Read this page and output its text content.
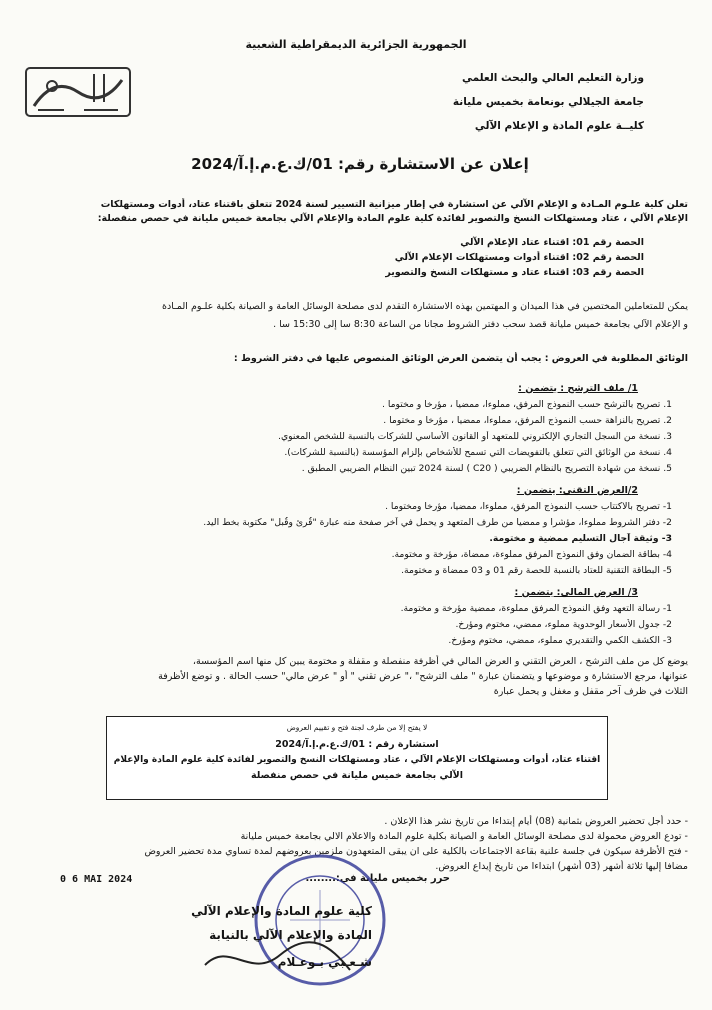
الجمهورية الجزائرية الديمقراطية الشعبية
وزارة التعليم العالي والبحث العلمي
جامعة الجيلالي بونعامة بخميس مليانة
كليــة علوم المادة و الإعلام الآلي
إعلان عن الاستشارة رقم: 01/ك.ع.م.إ.آ/2024
تعلن كلية علـوم المـادة و الإعلام الآلي عن استشارة في إطار ميزانية التسيير لسنة 2024 تتعلق باقتناء عتاد، أدوات ومستهلكات
الإعلام الآلي ، عتاد ومستهلكات النسخ والتصوير لفائدة كلية علوم المادة والإعلام الآلي بجامعة خميس مليانة في حصص منفصلة:
الحصة رقم 01: اقتناء عتاد الإعلام الآلي
الحصة رقم 02: اقتناء أدوات ومستهلكات الإعلام الآلي
الحصة رقم 03: اقتناء عتاد و مستهلكات النسخ والتصوير
يمكن للمتعاملين المختصين في هذا الميدان و المهتمين بهذه الاستشارة التقدم لدى مصلحة الوسائل العامة و الصيانة بكلية علـوم المـادة
و الإعلام الآلي بجامعة خميس مليانة قصد سحب دفتر الشروط مجانا من الساعة 8:30 سا إلى 15:30 سا .
الوثائق المطلوبة في العروض : يجب أن يتضمن العرض الوثائق المنصوص عليها في دفتر الشروط :
1/ ملف الترشح : يتضمن :
1. تصريح بالترشح حسب النموذج المرفق، مملوءا، ممضيا ، مؤرخا و مختوما .
2. تصريح بالنزاهة حسب النموذج المرفق، مملوءا، ممضيا ، مؤرخا و مختوما .
3. نسخة من السجل التجاري الإلكتروني للمتعهد أو القانون الأساسي للشركات بالنسبة للشخص المعنوي.
4. نسخة من الوثائق التي تتعلق بالتفويضات التي تسمح للأشخاص بإلزام المؤسسة (بالنسبة للشركات).
5. نسخة من شهادة التصريح بالنظام الضريبي ( C20 ) لسنة 2024 تبين النظام الضريبي المطبق .
2/العرض التقني: يتضمن :
1- تصريح بالاكتتاب حسب النموذج المرفق، مملوءا، ممضيا، مؤرخا ومختوما .
2- دفتر الشروط مملوءا، مؤشرا و ممضيا من طرف المتعهد و يحمل في آخر صفحة منه عبارة "قُرئ وقُبل" مكتوبة بخط اليد.
3- وثيقة آجال التسليم ممضية و مختومة.
4- بطاقة الضمان وفق النموذج المرفق مملوءة، ممضاة، مؤرخة و مختومة.
5- البطاقة التقنية للعتاد بالنسبة للحصة رقم 01 و 03 ممضاة و مختومة.
3/ العرض المالي: يتضمن :
1- رسالة التعهد وفق النموذج المرفق مملوءة، ممضية مؤرخة و مختومة.
2- جدول الأسعار الوحدوية مملوء، ممضي، مختوم ومؤرخ.
3- الكشف الكمي والتقديري مملوء، ممضي، مختوم ومؤرخ.
يوضع كل من ملف الترشح ، العرض التقني و العرض المالي في أظرفة منفصلة و مقفلة و مختومة يبين كل منها اسم المؤسسة،
عنوانها، مرجع الاستشارة و موضوعها و يتضمنان عبارة " ملف الترشح" ،" عرض تقني " أو " عرض مالي" حسب الحالة . و توضع الأظرفة
الثلاث في ظرف آخر مقفل و مغفل و يحمل عبارة
لا يفتح إلا من طرف لجنة فتح و تقييم العروض
استشارة رقم : 01/ك.ع.م.إ.آ/2024
اقتناء عتاد، أدوات ومستهلكات الإعلام الآلي ، عتاد ومستهلكات النسخ والتصوير لفائدة كلية علوم المادة والإعلام
الآلي بجامعة خميس مليانة في حصص منفصلة
- حدد أجل تحضير العروض بثمانية (08) أيام إبتداءا من تاريخ نشر هذا الإعلان .
- تودع العروض محمولة لدى مصلحة الوسائل العامة و الصيانة بكلية علوم المادة والاعلام الالي بجامعة خميس مليانة
- فتح الأظرفة سيكون في جلسة علنية بقاعة الاجتماعات بالكلية على ان يبقى المتعهدون ملزمين بعروضهم لمدة تساوي مدة تحضير العروض
مضافا إليها ثلاثة أشهر (03 أشهر) ابتداءا من تاريخ إيداع العروض.
حرر بخميس مليانة في:........
0 6 MAI 2024
كلية علوم المادة والإعلام الآلي
المادة والإعلام الآلي بالنيابة
شـعـبي بـوعـلام
